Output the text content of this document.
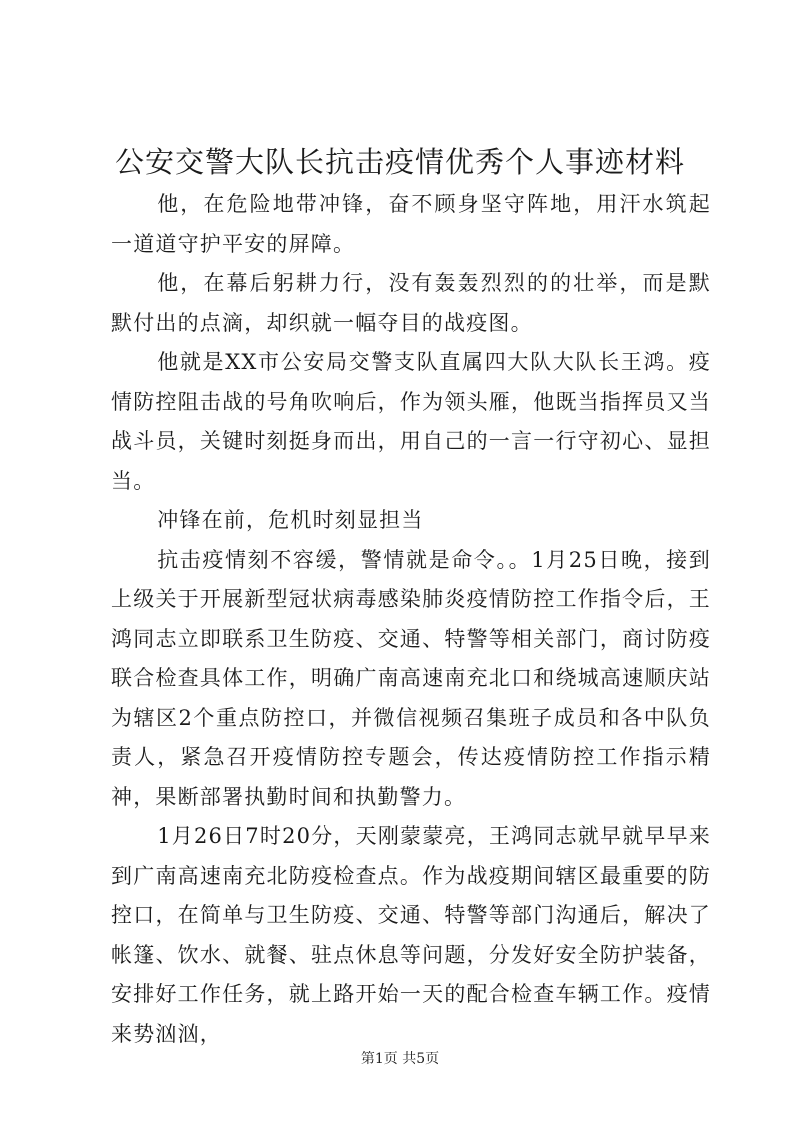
公安交警大队长抗击疫情优秀个人事迹材料

他，在危险地带冲锋，奋不顾身坚守阵地，用汗水筑起一道道守护平安的屏障。

他，在幕后躬耕力行，没有轰轰烈烈的的壮举，而是默默付出的点滴，却织就一幅夺目的战疫图。

他就是XX市公安局交警支队直属四大队大队长王鸿。疫情防控阻击战的号角吹响后，作为领头雁，他既当指挥员又当战斗员，关键时刻挺身而出，用自己的一言一行守初心、显担当。

冲锋在前，危机时刻显担当

抗击疫情刻不容缓，警情就是命令。。1月25日晚，接到上级关于开展新型冠状病毒感染肺炎疫情防控工作指令后，王鸿同志立即联系卫生防疫、交通、特警等相关部门，商讨防疫联合检查具体工作，明确广南高速南充北口和绕城高速顺庆站为辖区2个重点防控口，并微信视频召集班子成员和各中队负责人，紧急召开疫情防控专题会，传达疫情防控工作指示精神，果断部署执勤时间和执勤警力。

1月26日7时20分，天刚蒙蒙亮，王鸿同志就早就早早来到广南高速南充北防疫检查点。作为战疫期间辖区最重要的防控口，在简单与卫生防疫、交通、特警等部门沟通后，解决了帐篷、饮水、就餐、驻点休息等问题，分发好安全防护装备，安排好工作任务，就上路开始一天的配合检查车辆工作。疫情来势汹汹，

第1页 共5页
